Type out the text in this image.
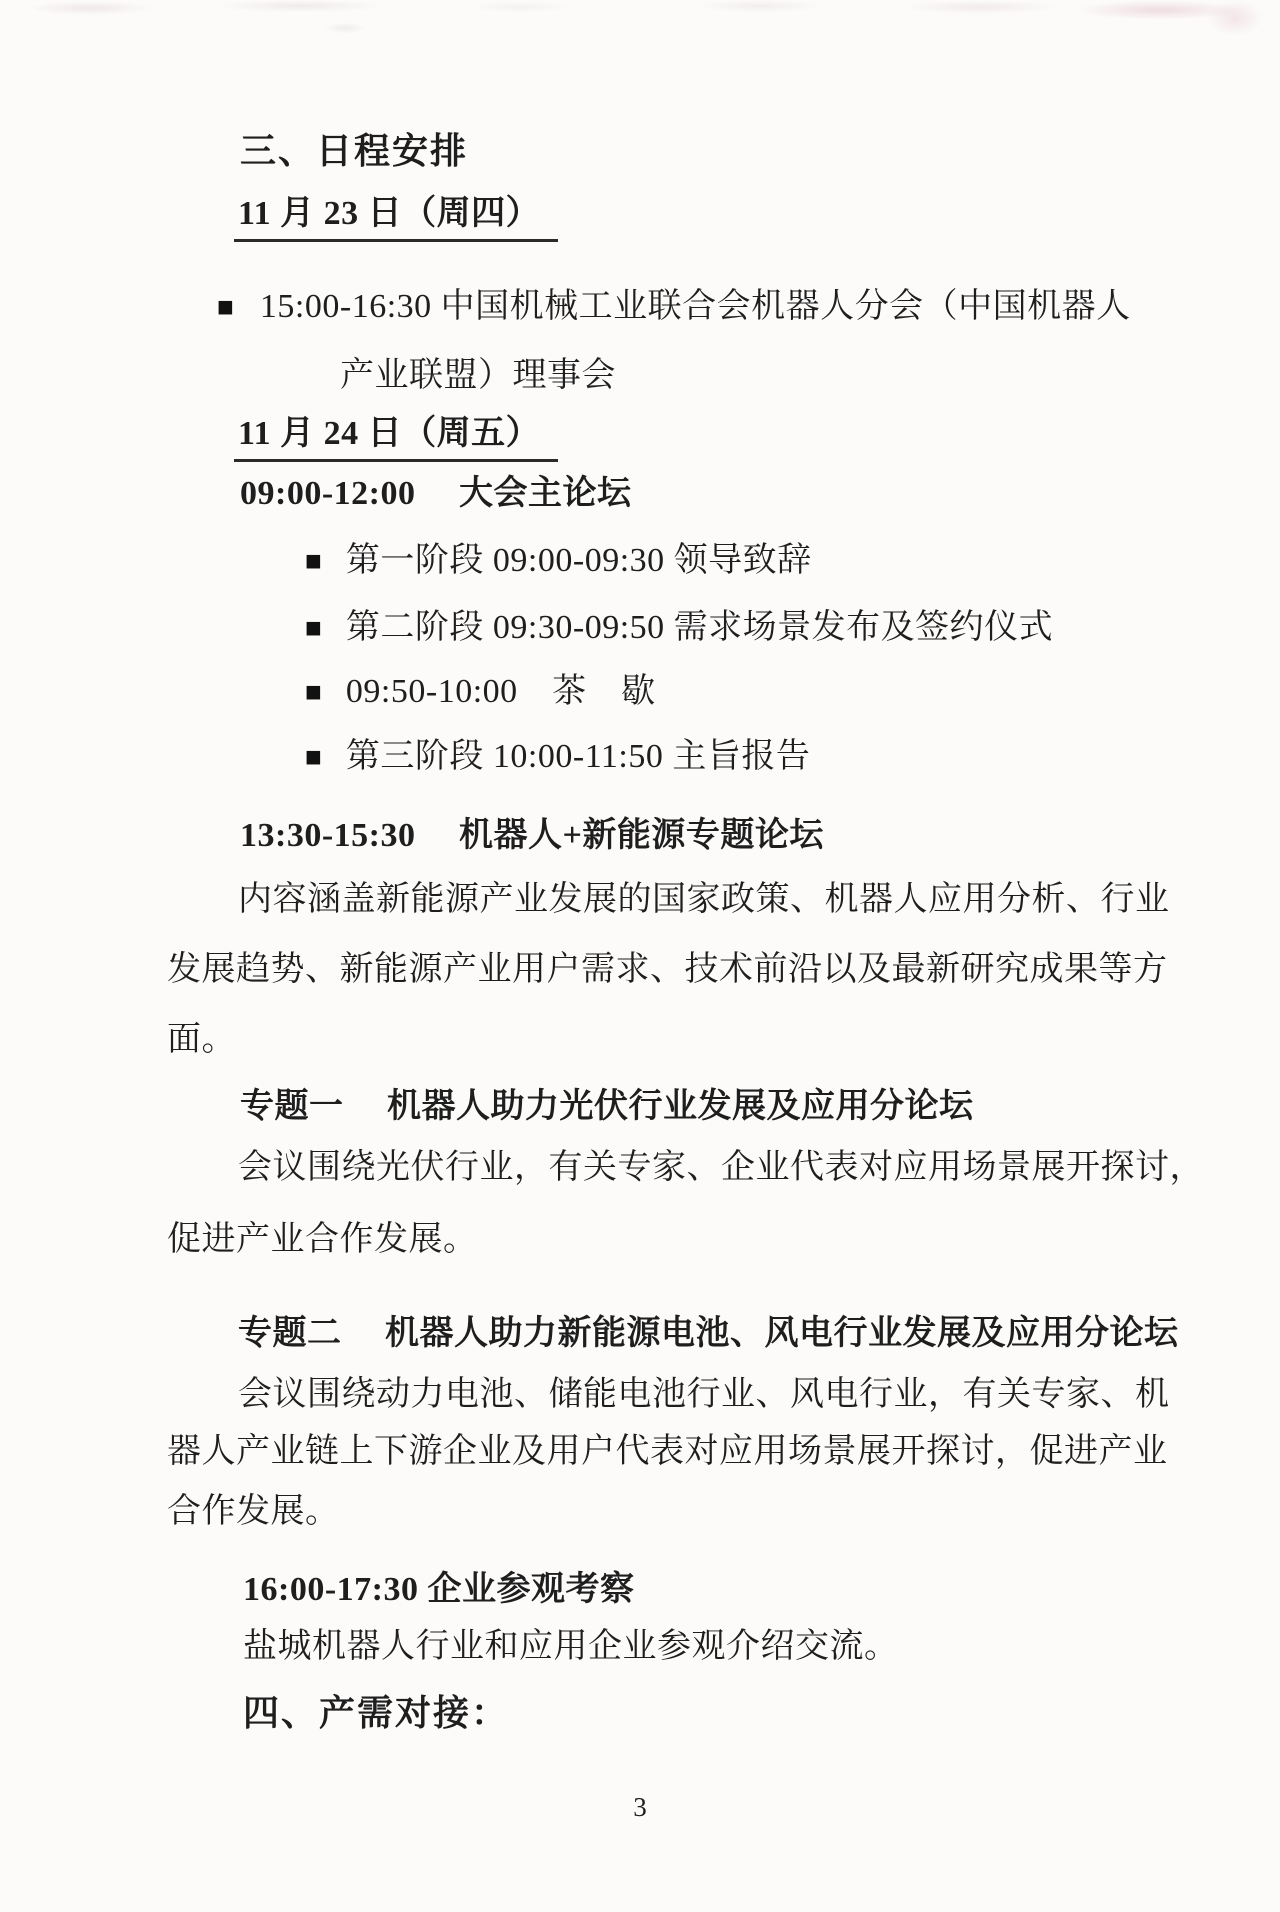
三、日程安排
11 月 23 日（周四）
■ 15:00-16:30 中国机械工业联合会机器人分会（中国机器人
产业联盟）理事会
11 月 24 日（周五）
09:00-12:00　 大会主论坛
■ 第一阶段 09:00-09:30 领导致辞
■ 第二阶段 09:30-09:50 需求场景发布及签约仪式
■ 09:50-10:00　茶　歇
■ 第三阶段 10:00-11:50 主旨报告
13:30-15:30　 机器人+新能源专题论坛
内容涵盖新能源产业发展的国家政策、机器人应用分析、行业
发展趋势、新能源产业用户需求、技术前沿以及最新研究成果等方
面。
专题一　 机器人助力光伏行业发展及应用分论坛
会议围绕光伏行业，有关专家、企业代表对应用场景展开探讨，
促进产业合作发展。
专题二　 机器人助力新能源电池、风电行业发展及应用分论坛
会议围绕动力电池、储能电池行业、风电行业，有关专家、机
器人产业链上下游企业及用户代表对应用场景展开探讨，促进产业
合作发展。
16:00-17:30 企业参观考察
盐城机器人行业和应用企业参观介绍交流。
四、产需对接：
3
